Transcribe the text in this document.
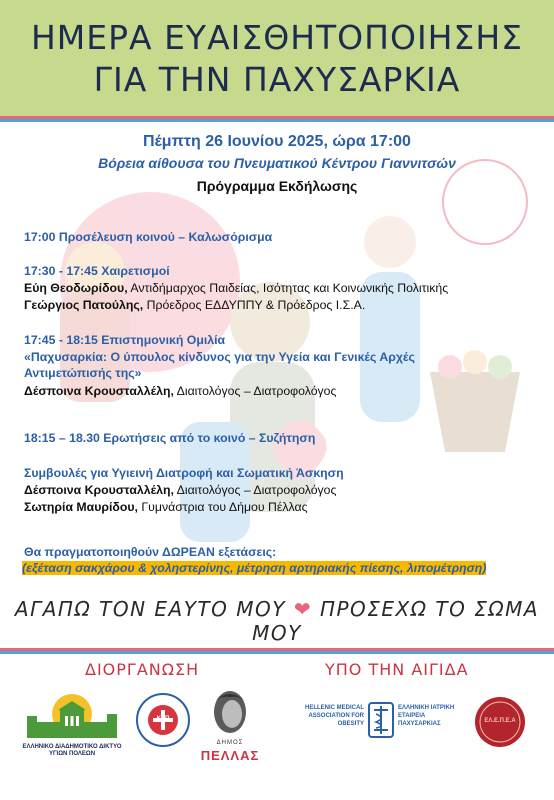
ΗΜΕΡΑ ΕΥΑΙΣΘΗΤΟΠΟΙΗΣΗΣ
ΓΙΑ ΤΗΝ ΠΑΧΥΣΑΡΚΙΑ
Πέμπτη 26 Ιουνίου 2025, ώρα 17:00
Βόρεια αίθουσα του Πνευματικού Κέντρου Γιαννιτσών
Πρόγραμμα Εκδήλωσης
17:00 Προσέλευση κοινού – Καλωσόρισμα
17:30 - 17:45 Χαιρετισμοί
Εύη Θεοδωρίδου, Αντιδήμαρχος Παιδείας, Ισότητας και Κοινωνικής Πολιτικής
Γεώργιος Πατούλης, Πρόεδρος ΕΔΔΥΠΠΥ & Πρόεδρος Ι.Σ.Α.
17:45 - 18:15 Επιστημονική Ομιλία
«Παχυσαρκία: Ο ύπουλος κίνδυνος για την Υγεία και Γενικές Αρχές
Αντιμετώπισής της»
Δέσποινα Κρουσταλλέλη, Διαιτολόγος – Διατροφολόγος
18:15 – 18.30 Ερωτήσεις από το κοινό – Συζήτηση
Συμβουλές για Υγιεινή Διατροφή και Σωματική Άσκηση
Δέσποινα Κρουσταλλέλη, Διαιτολόγος – Διατροφολόγος
Σωτηρία Μαυρίδου, Γυμνάστρια του Δήμου Πέλλας
Θα πραγματοποιηθούν ΔΩΡΕΑΝ εξετάσεις:
(εξέταση σακχάρου & χοληστερίνης, μέτρηση αρτηριακής πίεσης, λιπομέτρηση)
ΑΓΑΠΩ ΤΟΝ ΕΑΥΤΟ ΜΟΥ ❤ ΠΡΟΣΕΧΩ ΤΟ ΣΩΜΑ ΜΟΥ
ΔΙΟΡΓΑΝΩΣΗ	ΥΠΟ ΤΗΝ ΑΙΓΙΔΑ
ΕΛΛΗΝΙΚΟ ΔΙΑΔΗΜΟΤΙΚΟ ΔΙΚΤΥΟ ΥΓΙΩΝ ΠΟΛΕΩΝ
ΚΕΠ
ΔΗΜΟΣ
ΠΕΛΛΑΣ
HELLENIC MEDICAL ASSOCIATION FOR OBESITY
ΕΛΛΗΝΙΚΗ ΙΑΤΡΙΚΗ ΕΤΑΙΡΕΙΑ ΠΑΧΥΣΑΡΚΙΑΣ	ΕΛ.Ε.Π.Ε.Α
